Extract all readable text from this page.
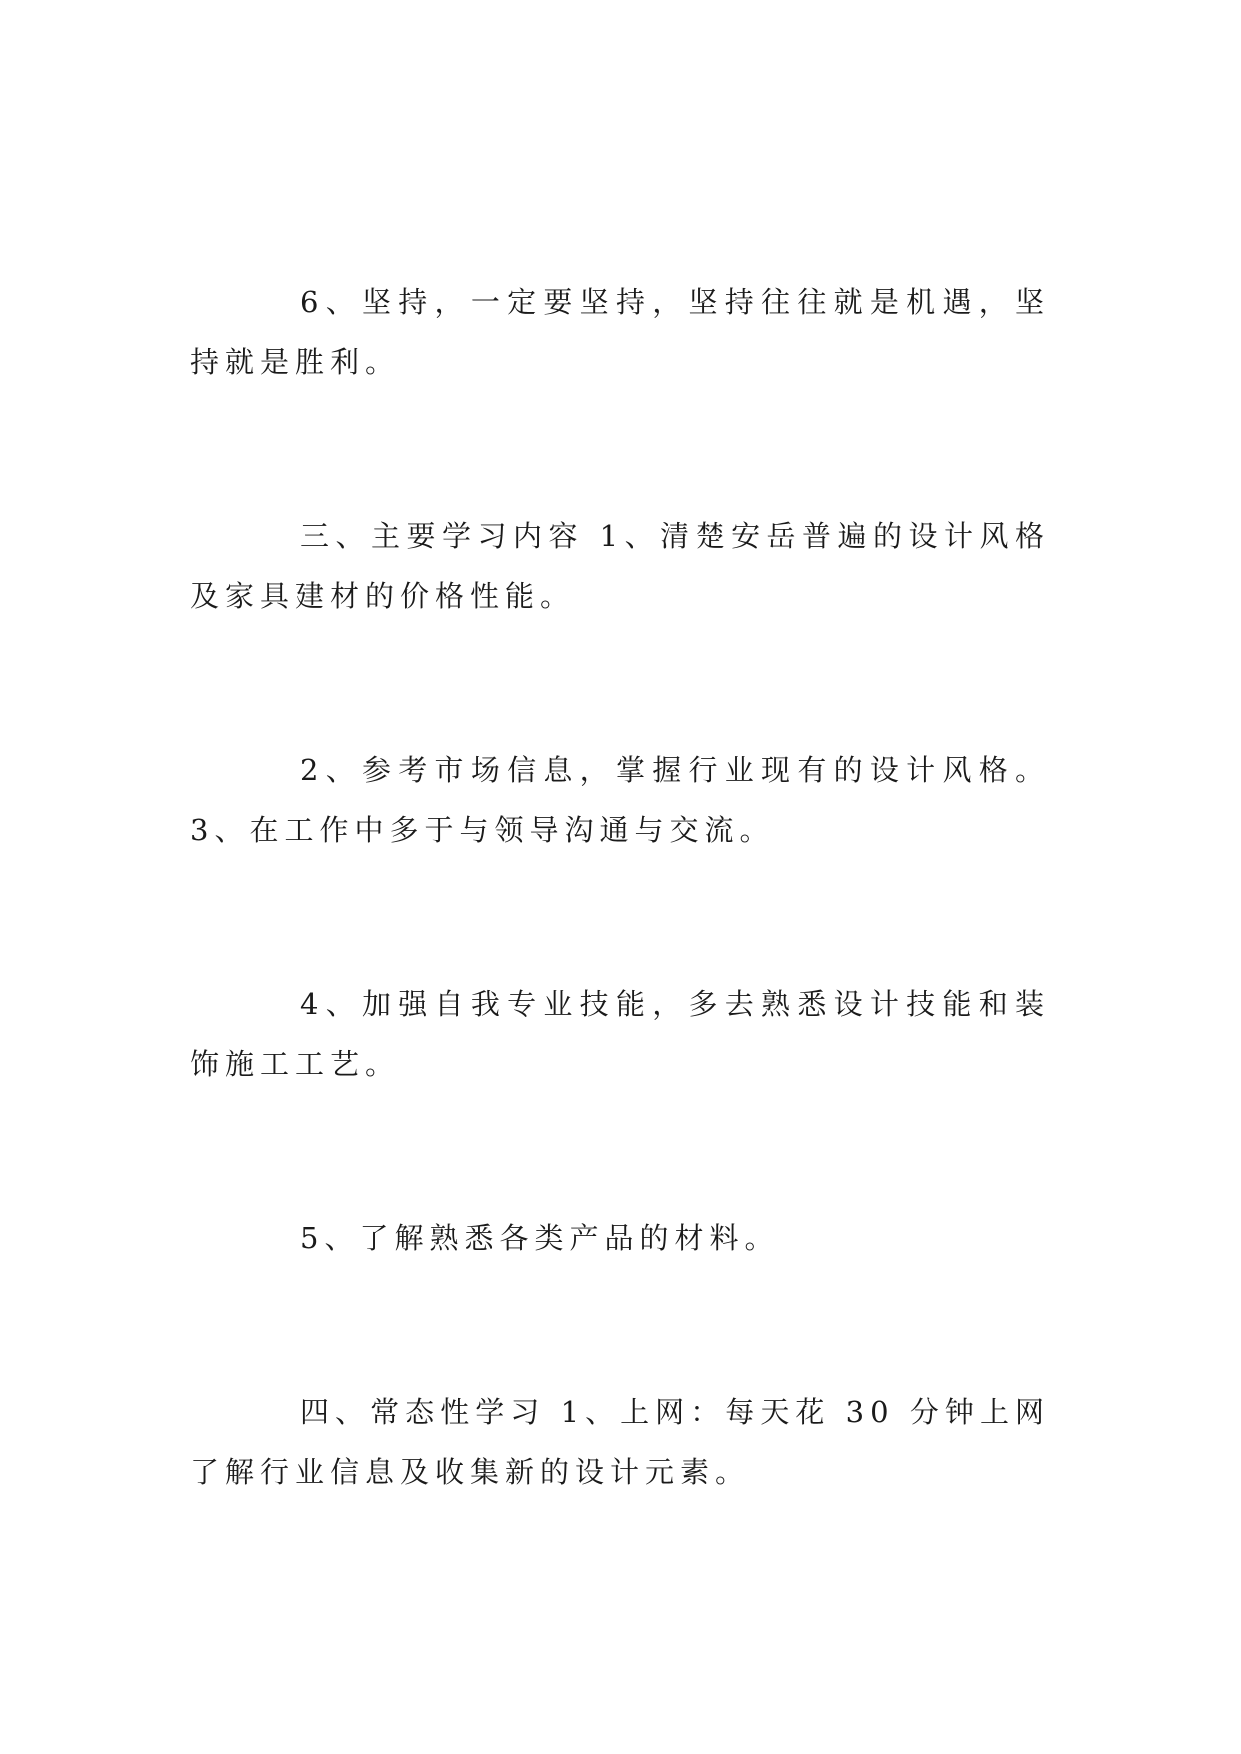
6、坚持，一定要坚持，坚持往往就是机遇，坚持就是胜利。

三、主要学习内容 1、清楚安岳普遍的设计风格及家具建材的价格性能。

2、参考市场信息，掌握行业现有的设计风格。3、在工作中多于与领导沟通与交流。

4、加强自我专业技能，多去熟悉设计技能和装饰施工工艺。

5、了解熟悉各类产品的材料。

四、常态性学习 1、上网：每天花 30 分钟上网了解行业信息及收集新的设计元素。
